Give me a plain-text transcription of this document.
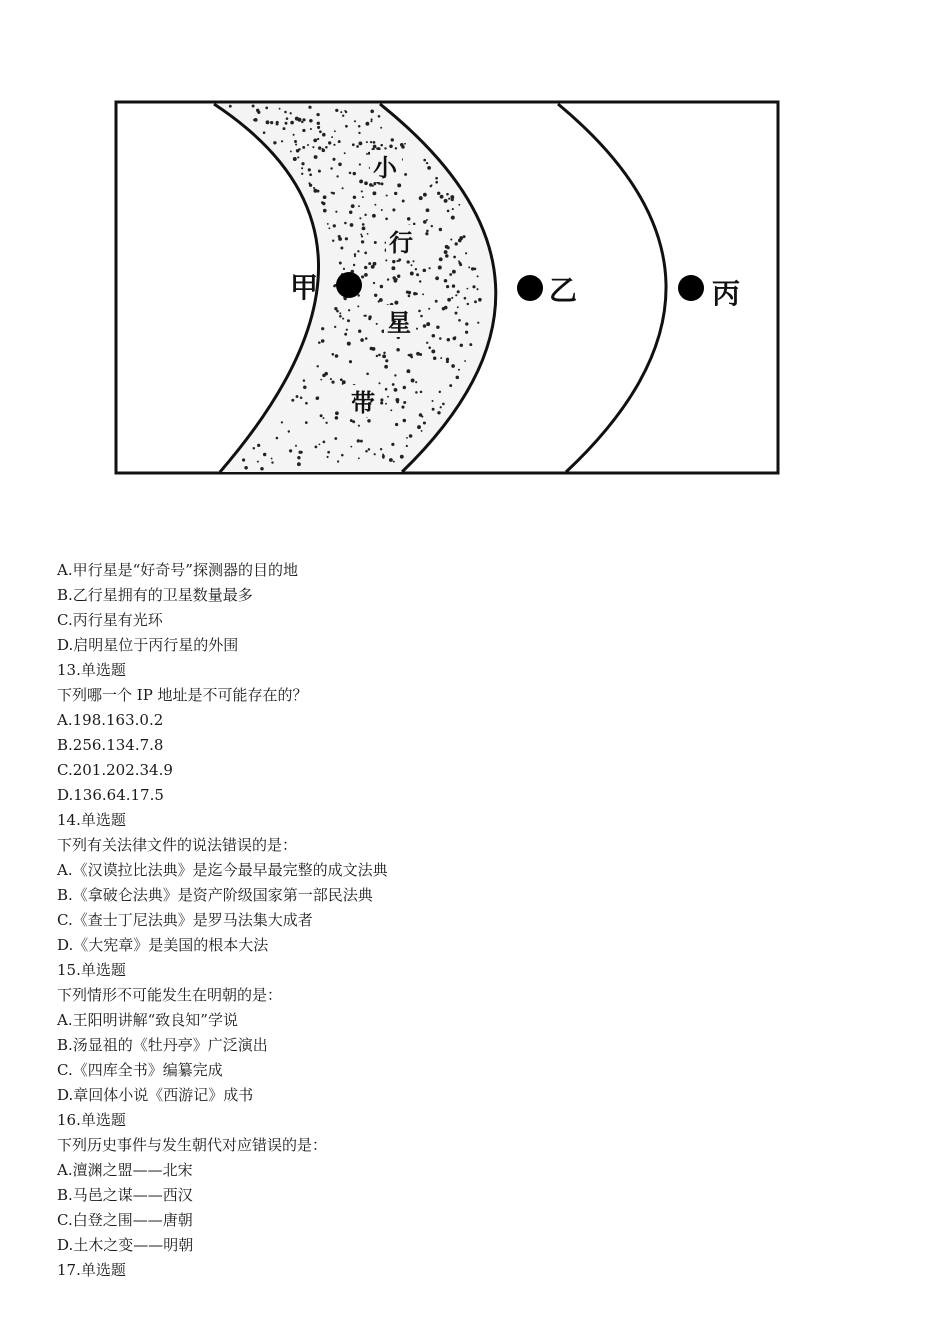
甲	乙	丙
小
行
星
带
A.甲行星是“好奇号”探测器的目的地
B.乙行星拥有的卫星数量最多
C.丙行星有光环
D.启明星位于丙行星的外围
13.单选题
下列哪一个 IP 地址是不可能存在的？
A.198.163.0.2
B.256.134.7.8
C.201.202.34.9
D.136.64.17.5
14.单选题
下列有关法律文件的说法错误的是：
A.《汉谟拉比法典》是迄今最早最完整的成文法典
B.《拿破仑法典》是资产阶级国家第一部民法典
C.《查士丁尼法典》是罗马法集大成者
D.《大宪章》是美国的根本大法
15.单选题
下列情形不可能发生在明朝的是：
A.王阳明讲解“致良知”学说
B.汤显祖的《牡丹亭》广泛演出
C.《四库全书》编纂完成
D.章回体小说《西游记》成书
16.单选题
下列历史事件与发生朝代对应错误的是：
A.澶渊之盟——北宋
B.马邑之谋——西汉
C.白登之围——唐朝
D.土木之变——明朝
17.单选题
